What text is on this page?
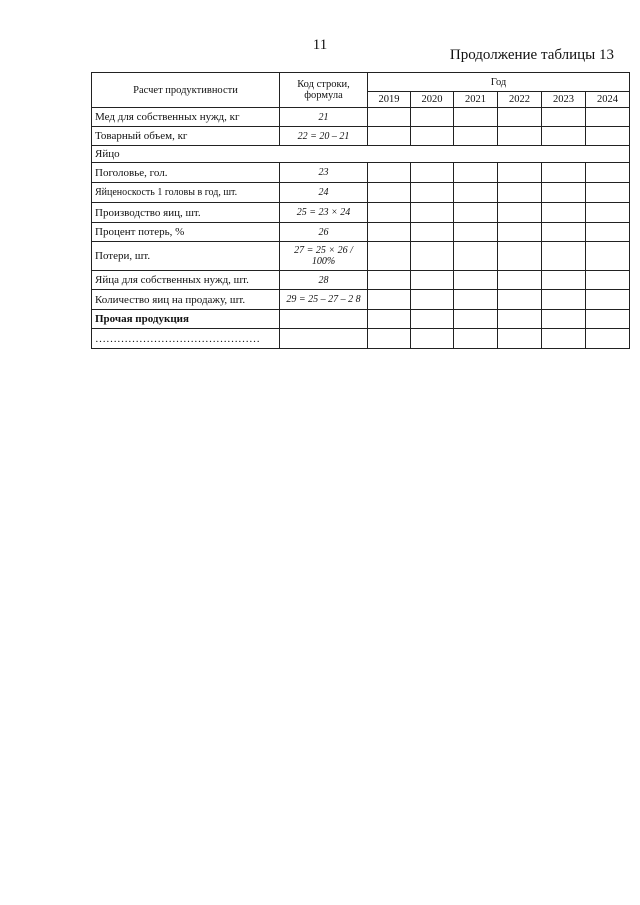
11
Продолжение таблицы 13
Расчет продуктивности	Код строки, формула	Год					
		2019	2020	2021	2022	2023	2024
Мед для собственных нужд, кг	21						
Товарный объем, кг	22 = 20 – 21						
Яйцо							
Поголовье, гол.	23						
Яйценоскость 1 головы в год, шт.	24						
Производство яиц, шт.	25 = 23 × 24						
Процент потерь, %	26						
Потери, шт.	27 = 25 × 26 / 100%						
Яйца для собственных нужд, шт.	28						
Количество яиц на продажу, шт.	29 = 25 – 27 – 2 8						
Прочая продукция							
………………………………………							
